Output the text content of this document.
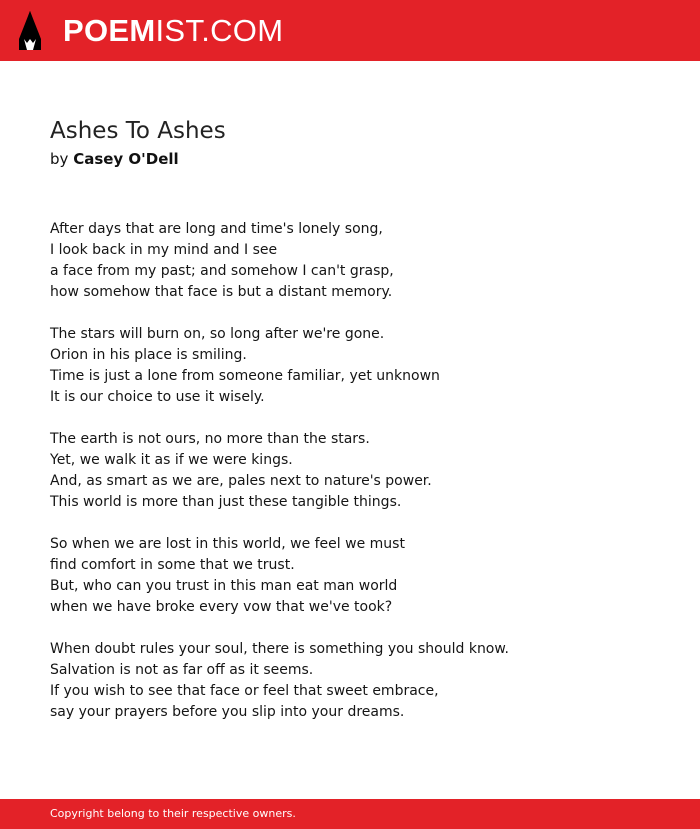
POEMIST.COM
Ashes To Ashes
by Casey O'Dell
After days that are long and time's lonely song,
I look back in my mind and I see
a face from my past; and somehow I can't grasp,
how somehow that face is but a distant memory.
The stars will burn on, so long after we're gone.
Orion in his place is smiling.
Time is just a lone from someone familiar, yet unknown
It is our choice to use it wisely.
The earth is not ours, no more than the stars.
Yet, we walk it as if we were kings.
And, as smart as we are, pales next to nature's power.
This world is more than just these tangible things.
So when we are lost in this world, we feel we must
find comfort in some that we trust.
But, who can you trust in this man eat man world
when we have broke every vow that we've took?
When doubt rules your soul, there is something you should know.
Salvation is not as far off as it seems.
If you wish to see that face or feel that sweet embrace,
say your prayers before you slip into your dreams.
Copyright belong to their respective owners.
